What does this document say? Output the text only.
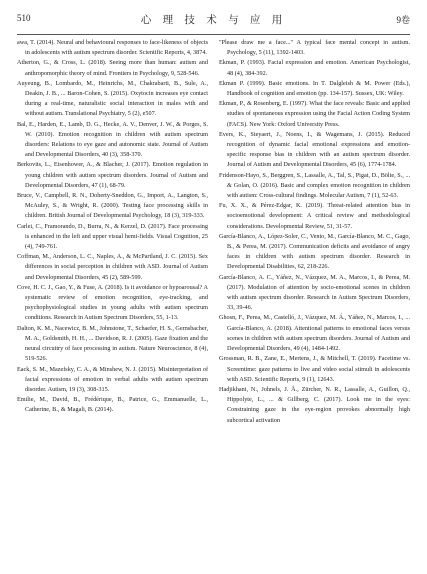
510	心 理 技 术 与 应 用	9卷

awa, T. (2014). Neural and behavioural responses to face-likeness of objects in adolescents with autism spectrum disorder. Scientific Reports, 4, 3874.

Atherton, G., & Cross, L. (2018). Seeing more than human: autism and anthropomorphic theory of mind. Frontiers in Psychology, 9, 528-546.

Auyeung, B., Lombardo, M., Heinrichs, M., Chakrabarti, B., Sule, A., Deakin, J. B., ... Baron-Cohen, S. (2015). Oxytocin increases eye contact during a real-time, naturalistic social interaction in males with and without autism. Translational Psychiatry, 5 (2), e507.

Bal, E., Harden, E., Lamb, D. G., Hecke, A. V., Denver, J. W., & Porges, S. W. (2010). Emotion recognition in children with autism spectrum disorders: Relations to eye gaze and autonomic state. Journal of Autism and Developmental Disorders, 40 (3), 358-370.

Berkovits, L., Eisenhower, A., & Blacher, J. (2017). Emotion regulation in young children with autism spectrum disorders. Journal of Autism and Developmental Disorders, 47 (1), 68-79.

Bruce, V., Campbell, R. N., Doherty-Sneddon, G., Import, A., Langton, S., McAuley, S., & Wright, R. (2000). Testing face processing skills in children. British Journal of Developmental Psychology, 18 (3), 319-333.

Carlei, C., Framorando, D., Burra, N., & Kerzel, D. (2017). Face processing is enhanced in the left and upper visual hemi-fields. Visual Cognition, 25 (4), 749-761.

Coffman, M., Anderson, L. C., Naples, A., & McPartland, J. C. (2015). Sex differences in social perception in children with ASD. Journal of Autism and Developmental Disorders, 45 (2), 589-599.

Cove, H. C. J., Gao, Y., & Fuse, A. (2018). Is it avoidance or hypoarousal? A systematic review of emotion recognition, eye-tracking, and psychophysiological studies in young adults with autism spectrum conditions. Research in Autism Spectrum Disorders, 55, 1-13.

Dalton, K. M., Nacewicz, B. M., Johnstone, T., Schaefer, H. S., Gernsbacher, M. A., Goldsmith, H. H., ... Davidson, R. J. (2005). Gaze fixation and the neural circuitry of face processing in autism. Nature Neuroscience, 8 (4), 519-526.

Eack, S. M., Mazefsky, C. A., & Minshew, N. J. (2015). Misinterpretation of facial expressions of emotion in verbal adults with autism spectrum disorder. Autism, 19 (3), 308-315.

Emilie, M., David, B., Frédérique, B., Patrice, G., Emmanuelle, L., Catherine, B., & Magali, B. (2014).

"Please draw me a face..." A typical face mental concept in autism. Psychology, 5 (11), 1392-1403.

Ekman, P. (1993). Facial expression and emotion. American Psychologist, 48 (4), 384-392.

Ekman P. (1999). Basic emotions. In T. Dalgleish & M. Power (Eds.), Handbook of cognition and emotion (pp. 134-157). Sussex, UK: Wiley.

Ekman, P., & Rosenberg, E. (1997). What the face reveals: Basic and applied studies of spontaneous expression using the Facial Action Coding System (FACS). New York: Oxford University Press.

Evers, K., Steyaert, J., Noens, I., & Wagemans, J. (2015). Reduced recognition of dynamic facial emotional expressions and emotion-specific response bias in children with an autism spectrum disorder. Journal of Autism and Developmental Disorders, 45 (6), 1774-1784.

Fridenson-Hayo, S., Berggren, S., Lassalle, A., Tal, S., Pigat, D., Bölte, S., ... & Golan, O. (2016). Basic and complex emotion recognition in children with autism: Cross-cultural findings. Molecular Autism, 7 (1), 52-63.

Fu, X. X., & Pérez-Edgar, K. (2019). Threat-related attention bias in socioemotional development: A critical review and methodological considerations. Developmental Review, 51, 31-57.

García-Blanco, A., López-Soler, C., Vento, M., García-Blanco, M. C., Gago, B., & Perea, M. (2017). Communication deficits and avoidance of angry faces in children with autism spectrum disorder. Research in Developmental Disabilities, 62, 218-226.

García-Blanco, A. C., Yáñez, N., Vázquez, M. A., Marcos, I., & Perea, M. (2017). Modulation of attention by socio-emotional scenes in children with autism spectrum disorder. Research in Autism Spectrum Disorders, 33, 39-46.

Ghosn, F., Perea, M., Castelló, J., Vázquez, M. Á., Yáñez, N., Marcos, I., ... García-Blanco, A. (2018). Attentional patterns to emotional faces versus scenes in children with autism spectrum disorders. Journal of Autism and Developmental Disorders, 49 (4), 1484-1492.

Grossman, R. B., Zane, E., Mertens, J., & Mitchell, T. (2019). Facetime vs. Screentime: gaze patterns to live and video social stimuli in adolescents with ASD. Scientific Reports, 9 (1), 12643.

Hadjikhani, N., Johnels, J. Å., Zürcher, N. R., Lassalle, A., Guillon, Q., Hippolyte, L., ... & Gillberg, C. (2017). Look me in the eyes: Constraining gaze in the eye-region provokes abnormally high subcortical activation
